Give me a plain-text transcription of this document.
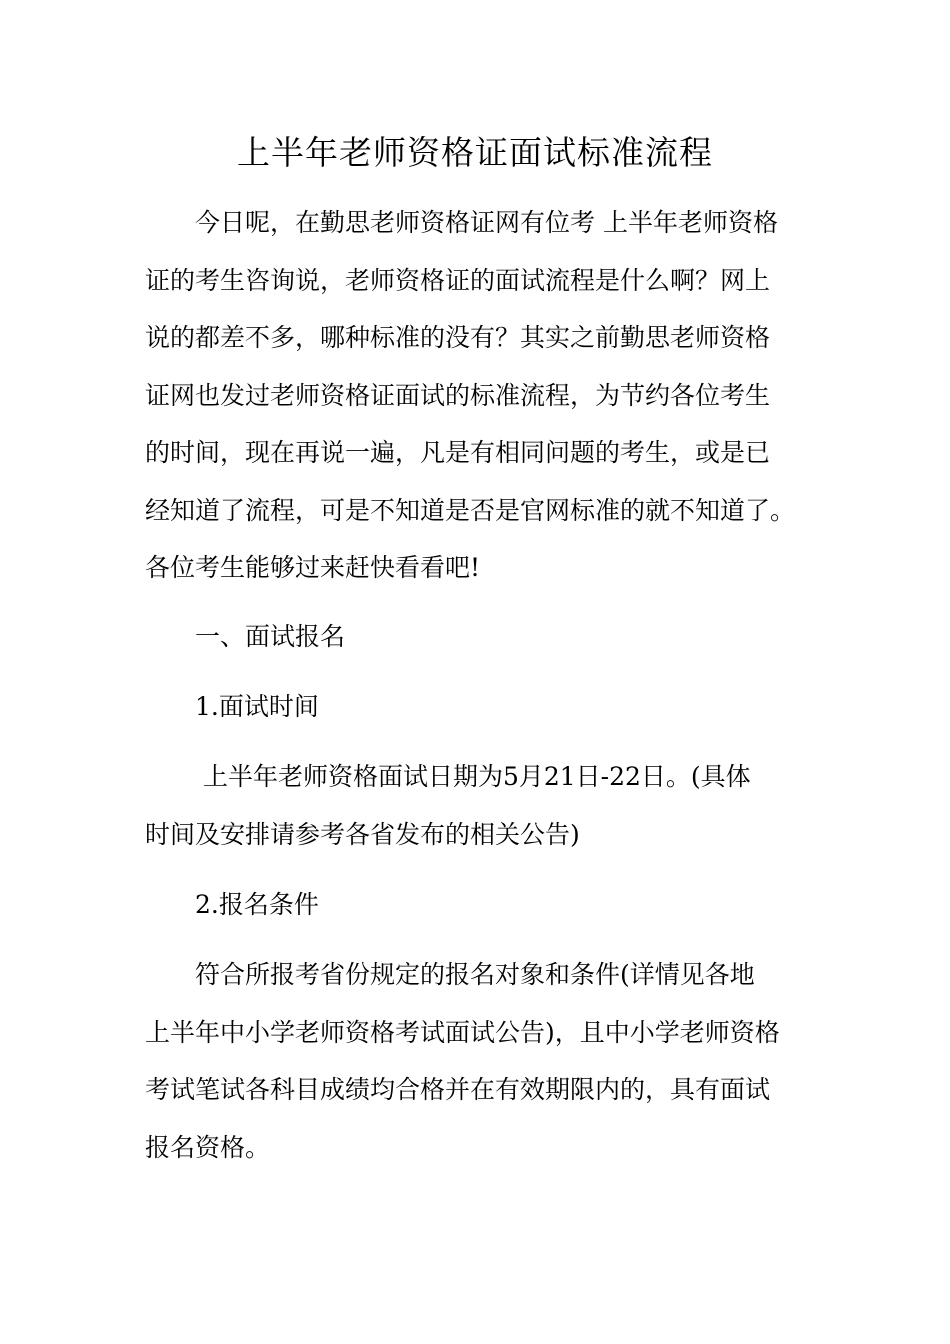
上半年老师资格证面试标准流程

　　今日呢，在勤思老师资格证网有位考 上半年老师资格
证的考生咨询说，老师资格证的面试流程是什么啊？网上
说的都差不多，哪种标准的没有？其实之前勤思老师资格
证网也发过老师资格证面试的标准流程，为节约各位考生
的时间，现在再说一遍，凡是有相同问题的考生，或是已
经知道了流程，可是不知道是否是官网标准的就不知道了。
各位考生能够过来赶快看看吧!

　　一、面试报名

　　1.面试时间

　　 上半年老师资格面试日期为5月21日-22日。(具体
时间及安排请参考各省发布的相关公告)

　　2.报名条件

　　符合所报考省份规定的报名对象和条件(详情见各地
上半年中小学老师资格考试面试公告)，且中小学老师资格
考试笔试各科目成绩均合格并在有效期限内的，具有面试
报名资格。
